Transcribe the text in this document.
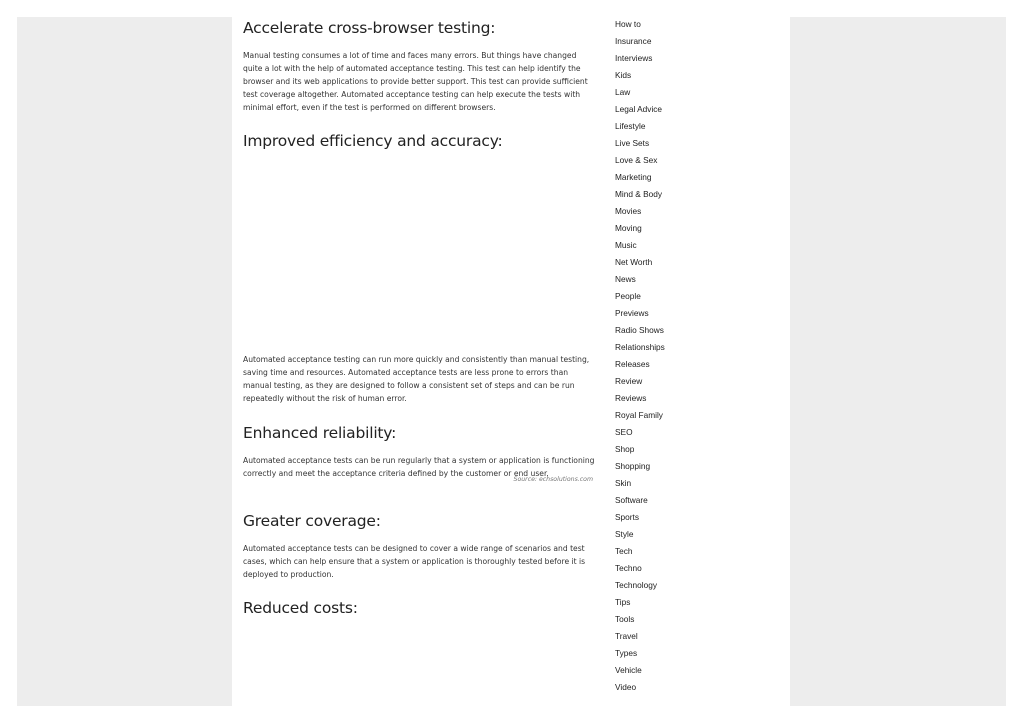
Accelerate cross-browser testing:

Manual testing consumes a lot of time and faces many errors. But things have changed quite a lot with the help of automated acceptance testing. This test can help identify the browser and its web applications to provide better support. This test can provide sufficient test coverage altogether. Automated acceptance testing can help execute the tests with minimal effort, even if the test is performed on different browsers.

Improved efficiency and accuracy:
Source: echsolutions.com

Automated acceptance testing can run more quickly and consistently than manual testing, saving time and resources. Automated acceptance tests are less prone to errors than manual testing, as they are designed to follow a consistent set of steps and can be run repeatedly without the risk of human error.

Enhanced reliability:

Automated acceptance tests can be run regularly that a system or application is functioning correctly and meet the acceptance criteria defined by the customer or end user.

Greater coverage:

Automated acceptance tests can be designed to cover a wide range of scenarios and test cases, which can help ensure that a system or application is thoroughly tested before it is deployed to production.

Reduced costs:
How to
Insurance
Interviews
Kids
Law
Legal Advice
Lifestyle
Live Sets
Love & Sex
Marketing
Mind & Body
Movies
Moving
Music
Net Worth
News
People
Previews
Radio Shows
Relationships
Releases
Review
Reviews
Royal Family
SEO
Shop
Shopping
Skin
Software
Sports
Style
Tech
Techno
Technology
Tips
Tools
Travel
Types
Vehicle
Video
